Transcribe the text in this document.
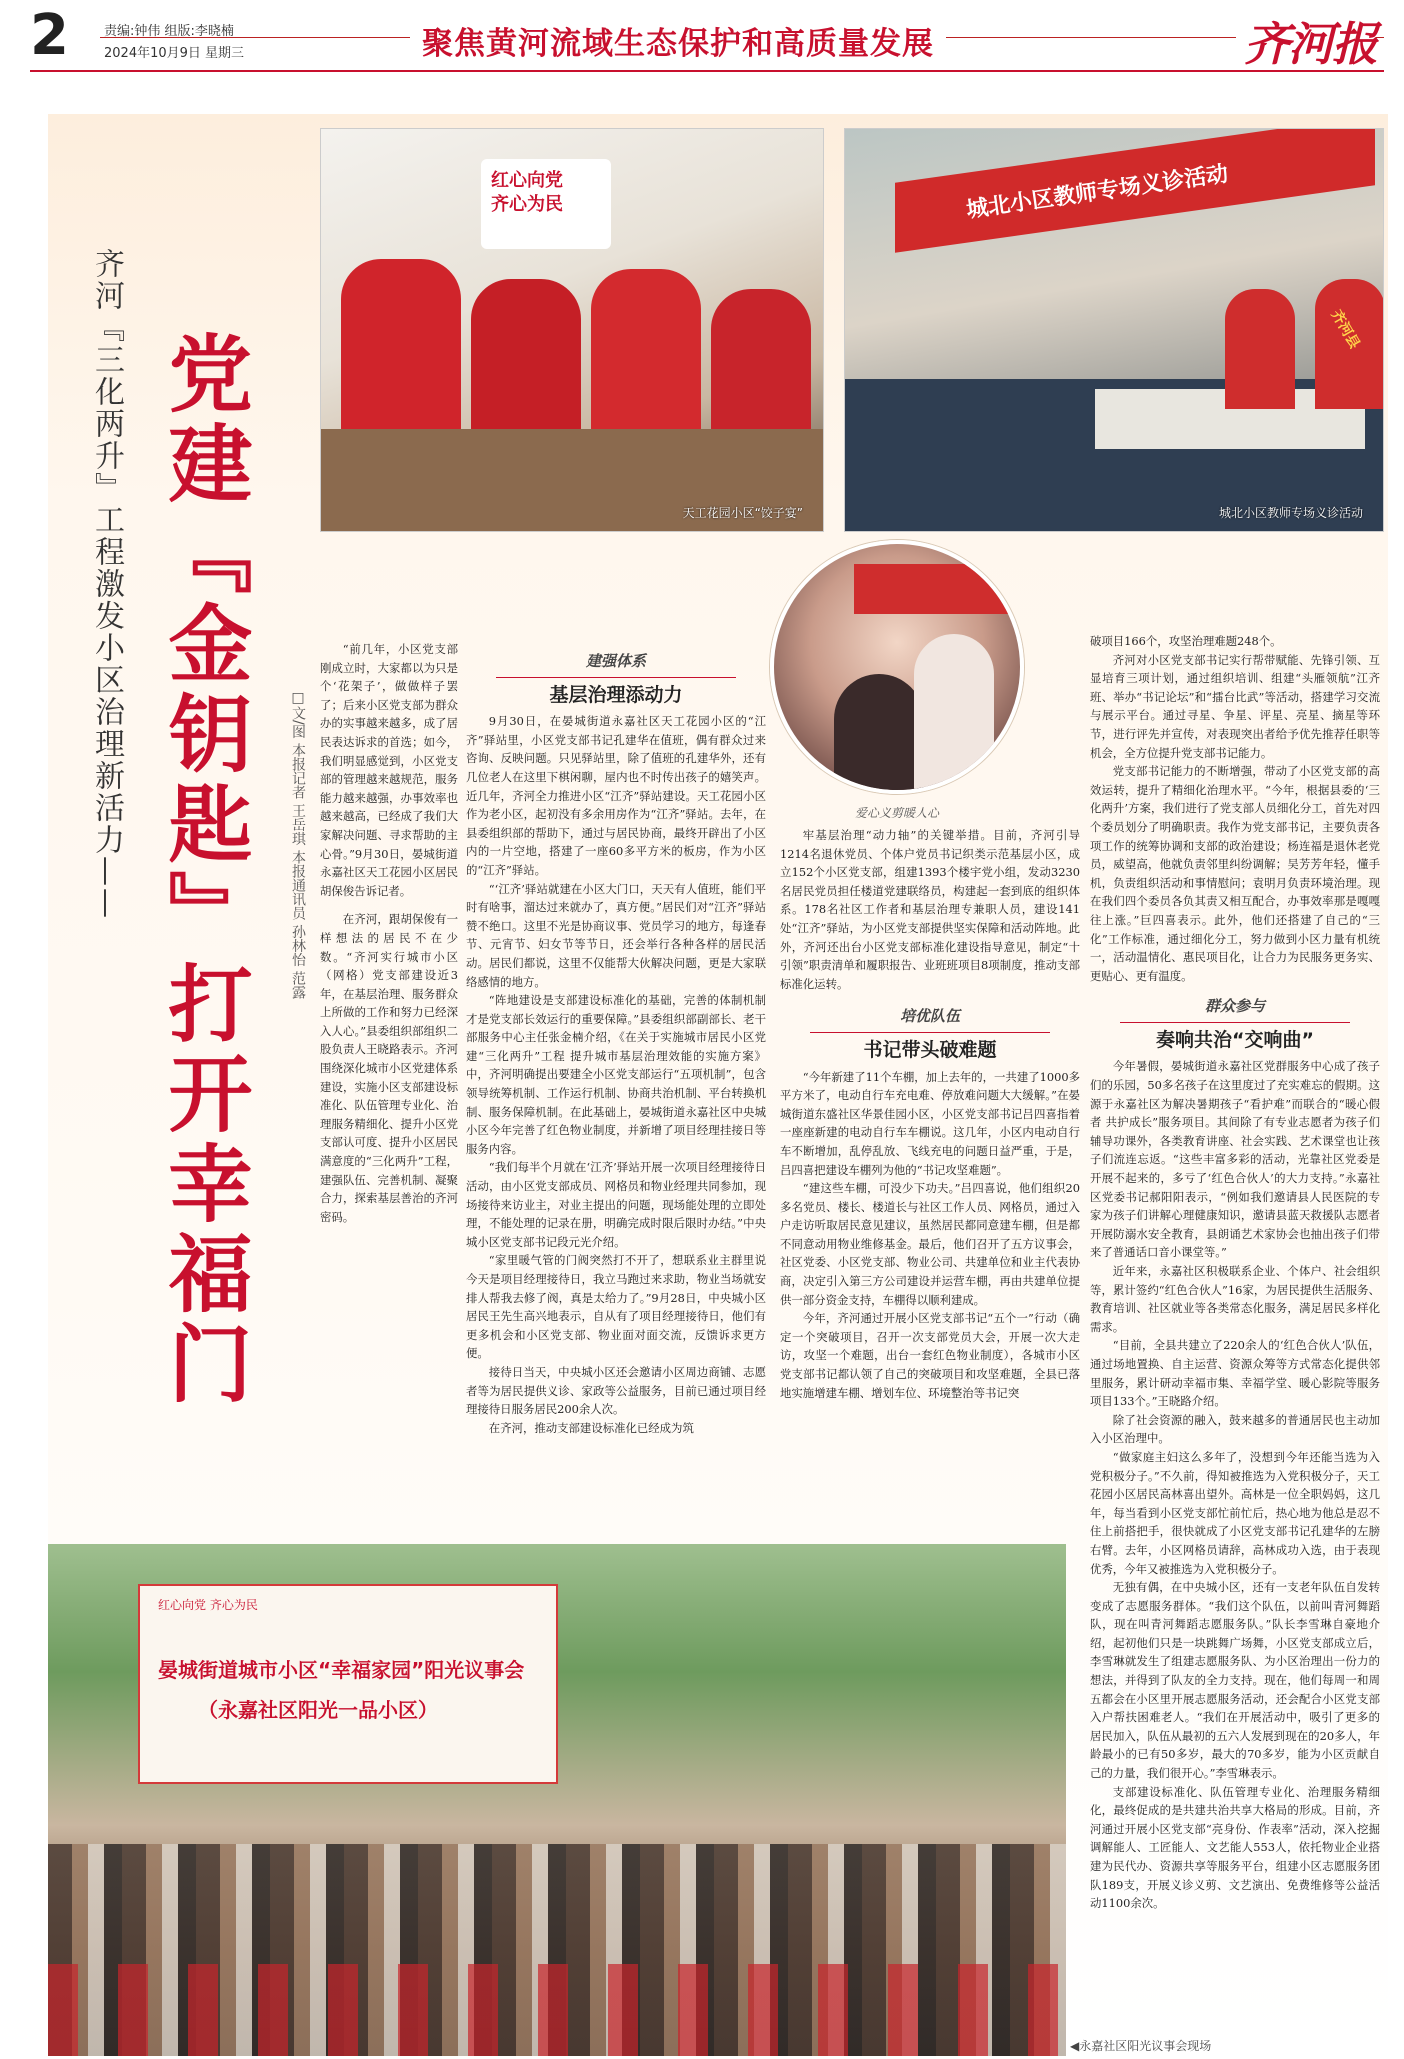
2	责编:钟伟 组版:李晓楠
2024年10月9日 星期三	聚焦黄河流域生态保护和高质量发展	齐河报
齐河『三化两升』工程激发小区治理新活力—— 党建『金钥匙』打开幸福门	□文/图 本报记者 王岳琪 本报通讯员 孙林怡 范露
红心向党
齐心为民
天工花园小区“饺子宴”
城北小区教师专场义诊活动
齐河县
城北小区教师专场义诊活动
爱心义剪暖人心
红心向党 齐心为民
晏城街道城市小区“幸福家园”阳光议事会
（永嘉社区阳光一品小区）
◀永嘉社区阳光议事会现场

“前几年，小区党支部刚成立时，大家都以为只是个‘花架子’，做做样子罢了；后来小区党支部为群众办的实事越来越多，成了居民表达诉求的首选；如今，我们明显感觉到，小区党支部的管理越来越规范，服务能力越来越强，办事效率也越来越高，已经成了我们大家解决问题、寻求帮助的主心骨。”9月30日，晏城街道永嘉社区天工花园小区居民胡保俊告诉记者。

在齐河，跟胡保俊有一样想法的居民不在少数。“齐河实行城市小区（网格）党支部建设近3年，在基层治理、服务群众上所做的工作和努力已经深入人心。”县委组织部组织二股负责人王晓路表示。齐河围绕深化城市小区党建体系建设，实施小区支部建设标准化、队伍管理专业化、治理服务精细化、提升小区党支部认可度、提升小区居民满意度的“三化两升”工程，建强队伍、完善机制、凝聚合力，探索基层善治的齐河密码。

建强体系
基层治理添动力

9月30日，在晏城街道永嘉社区天工花园小区的“江齐”驿站里，小区党支部书记孔建华在值班，偶有群众过来咨询、反映问题。只见驿站里，除了值班的孔建华外，还有几位老人在这里下棋闲聊，屋内也不时传出孩子的嬉笑声。近几年，齐河全力推进小区“江齐”驿站建设。天工花园小区作为老小区，起初没有多余用房作为“江齐”驿站。去年，在县委组织部的帮助下，通过与居民协商，最终开辟出了小区内的一片空地，搭建了一座60多平方米的板房，作为小区的“江齐”驿站。

“‘江齐’驿站就建在小区大门口，天天有人值班，能们平时有啥事，溜达过来就办了，真方便。”居民们对“江齐”驿站赞不绝口。这里不光是协商议事、党员学习的地方，每逢春节、元宵节、妇女节等节日，还会举行各种各样的居民活动。居民们都说，这里不仅能帮大伙解决问题，更是大家联络感情的地方。

“阵地建设是支部建设标准化的基础，完善的体制机制才是党支部长效运行的重要保障。”县委组织部副部长、老干部服务中心主任张金楠介绍，《在关于实施城市居民小区党建“三化两升”工程 提升城市基层治理效能的实施方案》中，齐河明确提出要建全小区党支部运行“五项机制”，包含领导统筹机制、工作运行机制、协商共治机制、平台转换机制、服务保障机制。在此基础上，晏城街道永嘉社区中央城小区今年完善了红色物业制度，并新增了项目经理挂接日等服务内容。

“我们每半个月就在‘江齐’驿站开展一次项目经理接待日活动，由小区党支部成员、网格员和物业经理共同参加，现场接待来访业主，对业主提出的问题，现场能处理的立即处理，不能处理的记录在册，明确完成时限后限时办结。”中央城小区党支部书记段元光介绍。

“家里暖气管的门阀突然打不开了，想联系业主群里说今天是项目经理接待日，我立马跑过来求助，物业当场就安排人帮我去修了阀，真是太给力了。”9月28日，中央城小区居民王先生高兴地表示，自从有了项目经理接待日，他们有更多机会和小区党支部、物业面对面交流，反馈诉求更方便。

接待日当天，中央城小区还会邀请小区周边商铺、志愿者等为居民提供义诊、家政等公益服务，目前已通过项目经理接待日服务居民200余人次。

在齐河，推动支部建设标准化已经成为筑

牢基层治理“动力轴”的关键举措。目前，齐河引导1214名退休党员、个体户党员书记织类示范基层小区，成立152个小区党支部，组建1393个楼宇党小组，发动3230名居民党员担任楼道党建联络员，构建起一套到底的组织体系。178名社区工作者和基层治理专兼职人员，建设141处“江齐”驿站，为小区党支部提供坚实保障和活动阵地。此外，齐河还出台小区党支部标准化建设指导意见，制定“十引领”职责清单和履职报告、业班班项目8项制度，推动支部标准化运转。

培优队伍
书记带头破难题

“今年新建了11个车棚，加上去年的，一共建了1000多平方米了，电动自行车充电难、停放难问题大大缓解。”在晏城街道东盛社区华景佳园小区，小区党支部书记吕四喜指着一座座新建的电动自行车车棚说。这几年，小区内电动自行车不断增加，乱停乱放、飞线充电的问题日益严重，于是，吕四喜把建设车棚列为他的“书记攻坚难题”。

“建这些车棚，可没少下功夫。”吕四喜说，他们组织20多名党员、楼长、楼道长与社区工作人员、网格员，通过入户走访听取居民意见建议，虽然居民都同意建车棚，但是都不同意动用物业维修基金。最后，他们召开了五方议事会，社区党委、小区党支部、物业公司、共建单位和业主代表协商，决定引入第三方公司建设并运营车棚，再由共建单位提供一部分资金支持，车棚得以顺利建成。

今年，齐河通过开展小区党支部书记“五个一”行动（确定一个突破项目，召开一次支部党员大会，开展一次大走访，攻坚一个难题，出台一套红色物业制度），各城市小区党支部书记都认领了自己的突破项目和攻坚难题，全县已落地实施增建车棚、增划车位、环境整治等书记突

破项目166个，攻坚治理难题248个。

齐河对小区党支部书记实行帮带赋能、先锋引领、互显培育三项计划，通过组织培训、组建“头雁领航”江齐班、举办“书记论坛”和“擂台比武”等活动，搭建学习交流与展示平台。通过寻星、争星、评星、亮星、摘星等环节，进行评先并宣传，对表现突出者给予优先推荐任职等机会，全方位提升党支部书记能力。

党支部书记能力的不断增强，带动了小区党支部的高效运转，提升了精细化治理水平。“今年，根据县委的‘三化两升’方案，我们进行了党支部人员细化分工，首先对四个委员划分了明确职责。我作为党支部书记，主要负责各项工作的统筹协调和支部的政治建设；杨连福是退休老党员，威望高，他就负责邻里纠纷调解；吴芳芳年轻，懂手机，负责组织活动和事情慰问；袁明月负责环境治理。现在我们四个委员各负其责又相互配合，办事效率那是嘎嘎往上涨。”巨四喜表示。此外，他们还搭建了自己的“三化”工作标准，通过细化分工，努力做到小区力量有机统一，活动温情化、惠民项目化，让合力为民服务更务实、更贴心、更有温度。

群众参与
奏响共治“交响曲”

今年暑假，晏城街道永嘉社区党群服务中心成了孩子们的乐园，50多名孩子在这里度过了充实难忘的假期。这源于永嘉社区为解决暑期孩子“看护难”而联合的“暖心假者 共护成长”服务项目。其间除了有专业志愿者为孩子们辅导功课外，各类教育讲座、社会实践、艺术课堂也让孩子们流连忘返。“这些丰富多彩的活动，光靠社区党委是开展不起来的，多亏了‘红色合伙人’的大力支持。”永嘉社区党委书记郝阳阳表示，“例如我们邀请县人民医院的专家为孩子们讲解心理健康知识，邀请县蓝天救援队志愿者开展防溺水安全教育，县朗诵艺术家协会也抽出孩子们带来了普通话口音小课堂等。”

近年来，永嘉社区积极联系企业、个体户、社会组织等，累计签约“红色合伙人”16家，为居民提供生活服务、教育培训、社区就业等各类常态化服务，满足居民多样化需求。

“目前，全县共建立了220余人的‘红色合伙人’队伍，通过场地置换、自主运营、资源众筹等方式常态化提供邻里服务，累计研动幸福市集、幸福学堂、暖心影院等服务项目133个。”王晓路介绍。

除了社会资源的融入，鼓来越多的普通居民也主动加入小区治理中。

“做家庭主妇这么多年了，没想到今年还能当选为入党积极分子。”不久前，得知被推选为入党积极分子，天工花园小区居民高林喜出望外。高林是一位全职妈妈，这几年，每当看到小区党支部忙前忙后，热心地为他总是忍不住上前搭把手，很快就成了小区党支部书记孔建华的左膀右臂。去年，小区网格员请辞，高林成功入选，由于表现优秀，今年又被推选为入党积极分子。

无独有偶，在中央城小区，还有一支老年队伍自发转变成了志愿服务群体。“我们这个队伍，以前叫青河舞蹈队，现在叫青河舞蹈志愿服务队。”队长李雪琳自豪地介绍，起初他们只是一块跳舞广场舞，小区党支部成立后，李雪琳就发生了组建志愿服务队、为小区治理出一份力的想法，并得到了队友的全力支持。现在，他们每周一和周五都会在小区里开展志愿服务活动，还会配合小区党支部入户帮扶困难老人。“我们在开展活动中，吸引了更多的居民加入，队伍从最初的五六人发展到现在的20多人，年龄最小的已有50多岁，最大的70多岁，能为小区贡献自己的力量，我们很开心。”李雪琳表示。

支部建设标准化、队伍管理专业化、治理服务精细化，最终促成的是共建共治共享大格局的形成。目前，齐河通过开展小区党支部“亮身份、作表率”活动，深入挖掘调解能人、工匠能人、文艺能人553人，依托物业企业搭建为民代办、资源共享等服务平台，组建小区志愿服务团队189支，开展义诊义剪、文艺演出、免费维修等公益活动1100余次。
